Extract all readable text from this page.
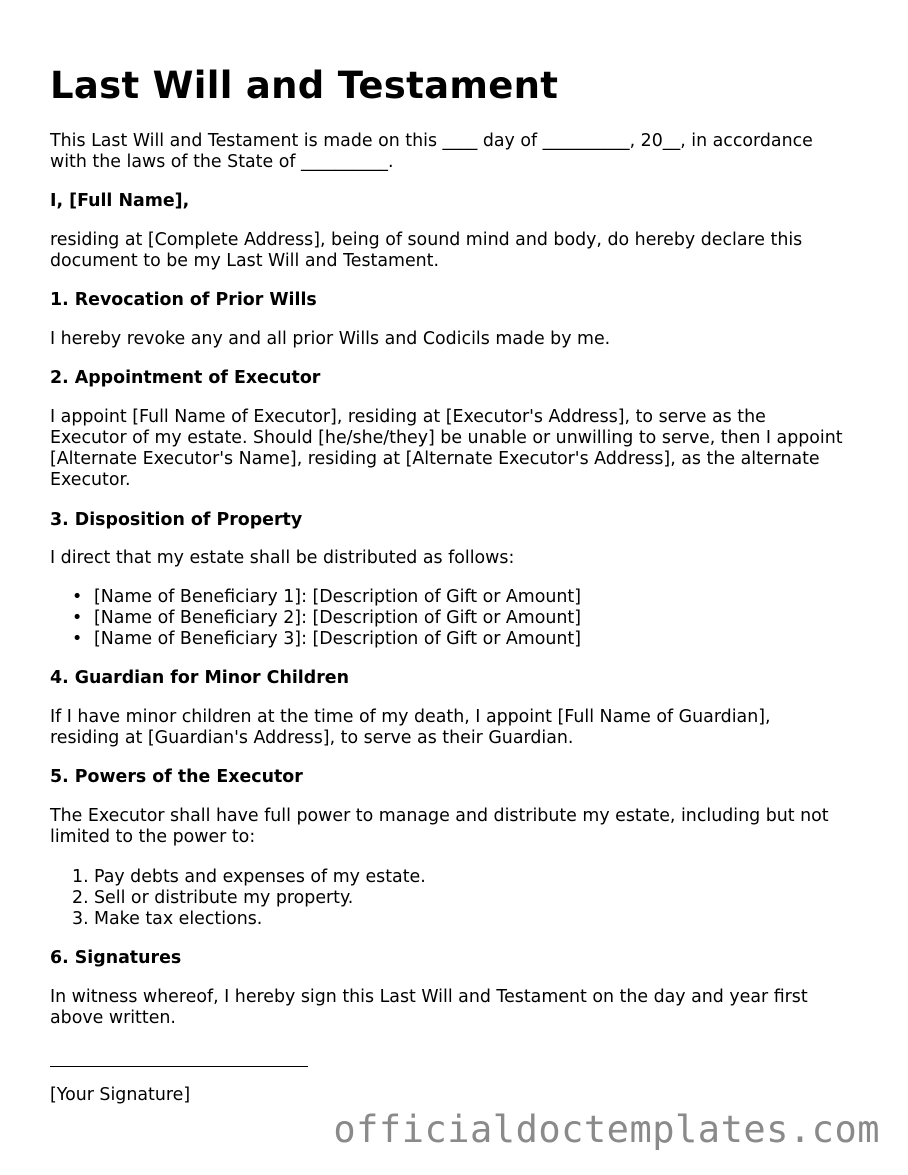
Last Will and Testament
This Last Will and Testament is made on this ____ day of __________, 20__, in accordance
with the laws of the State of __________.
I, [Full Name],
residing at [Complete Address], being of sound mind and body, do hereby declare this
document to be my Last Will and Testament.
1. Revocation of Prior Wills
I hereby revoke any and all prior Wills and Codicils made by me.
2. Appointment of Executor
I appoint [Full Name of Executor], residing at [Executor's Address], to serve as the
Executor of my estate. Should [he/she/they] be unable or unwilling to serve, then I appoint
[Alternate Executor's Name], residing at [Alternate Executor's Address], as the alternate
Executor.
3. Disposition of Property
I direct that my estate shall be distributed as follows:
• [Name of Beneficiary 1]: [Description of Gift or Amount]
• [Name of Beneficiary 2]: [Description of Gift or Amount]
• [Name of Beneficiary 3]: [Description of Gift or Amount]
4. Guardian for Minor Children
If I have minor children at the time of my death, I appoint [Full Name of Guardian],
residing at [Guardian's Address], to serve as their Guardian.
5. Powers of the Executor
The Executor shall have full power to manage and distribute my estate, including but not
limited to the power to:
1. Pay debts and expenses of my estate.
2. Sell or distribute my property.
3. Make tax elections.
6. Signatures
In witness whereof, I hereby sign this Last Will and Testament on the day and year first
above written.
[Your Signature]
officialdoctemplates.com
